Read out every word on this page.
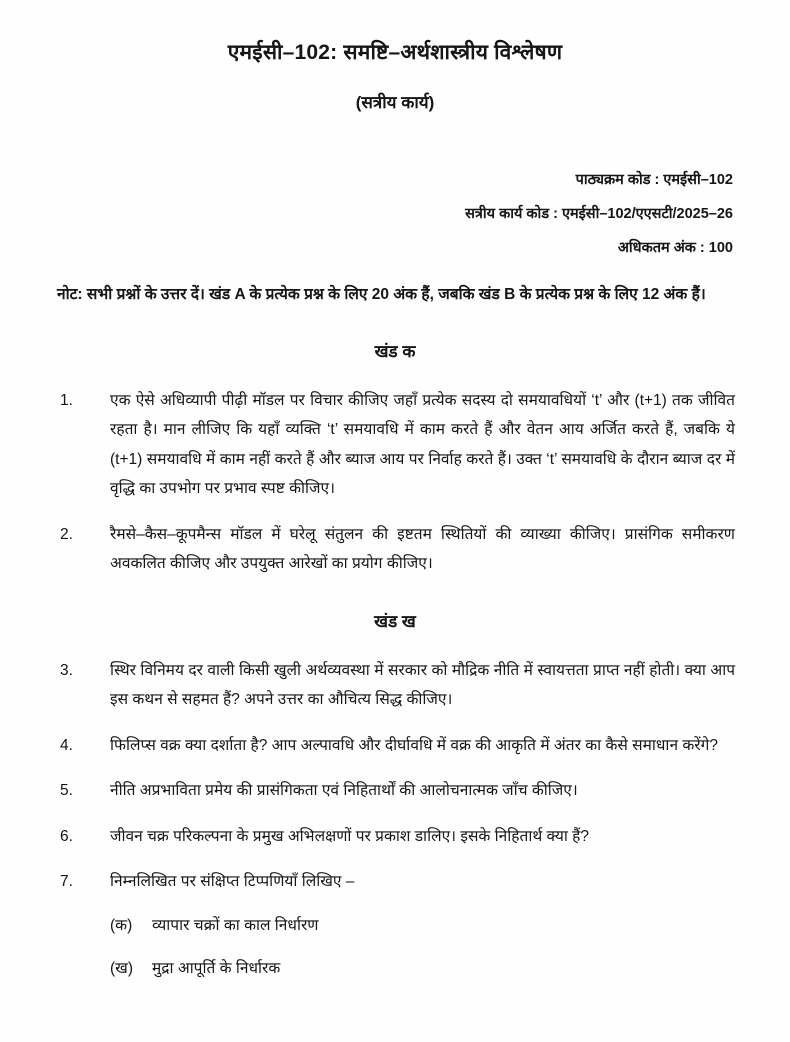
एमईसी–102: समष्टि–अर्थशास्त्रीय विश्लेषण
(सत्रीय कार्य)
पाठ्यक्रम कोड : एमईसी–102
सत्रीय कार्य कोड : एमईसी–102/एएसटी/2025–26
अधिकतम अंक : 100

नोट: सभी प्रश्नों के उत्तर दें। खंड A के प्रत्येक प्रश्न के लिए 20 अंक हैं, जबकि खंड B के प्रत्येक प्रश्न के लिए 12 अंक हैं।

खंड क
1.	एक ऐसे अधिव्यापी पीढ़ी मॉडल पर विचार कीजिए जहाँ प्रत्येक सदस्य दो समयावधियों ‘t’ और (t+1) तक जीवित रहता है। मान लीजिए कि यहाँ व्यक्ति ‘t’ समयावधि में काम करते हैं और वेतन आय अर्जित करते हैं, जबकि ये (t+1) समयावधि में काम नहीं करते हैं और ब्याज आय पर निर्वाह करते हैं। उक्त ‘t’ समयावधि के दौरान ब्याज दर में वृद्धि का उपभोग पर प्रभाव स्पष्ट कीजिए।
2.	रैमसे–कैस–कूपमैन्स मॉडल में घरेलू संतुलन की इष्टतम स्थितियों की व्याख्या कीजिए। प्रासंगिक समीकरण अवकलित कीजिए और उपयुक्त आरेखों का प्रयोग कीजिए।
खंड ख
3.	स्थिर विनिमय दर वाली किसी खुली अर्थव्यवस्था में सरकार को मौद्रिक नीति में स्वायत्तता प्राप्त नहीं होती। क्या आप इस कथन से सहमत हैं? अपने उत्तर का औचित्य सिद्ध कीजिए।
4.	फिलिप्स वक्र क्या दर्शाता है? आप अल्पावधि और दीर्घावधि में वक्र की आकृति में अंतर का कैसे समाधान करेंगे?
5.	नीति अप्रभाविता प्रमेय की प्रासंगिकता एवं निहितार्थों की आलोचनात्मक जाँच कीजिए।
6.	जीवन चक्र परिकल्पना के प्रमुख अभिलक्षणों पर प्रकाश डालिए। इसके निहितार्थ क्या हैं?
7.	निम्नलिखित पर संक्षिप्त टिप्पणियाँ लिखिए –
(क)	व्यापार चक्रों का काल निर्धारण
(ख)	मुद्रा आपूर्ति के निर्धारक
